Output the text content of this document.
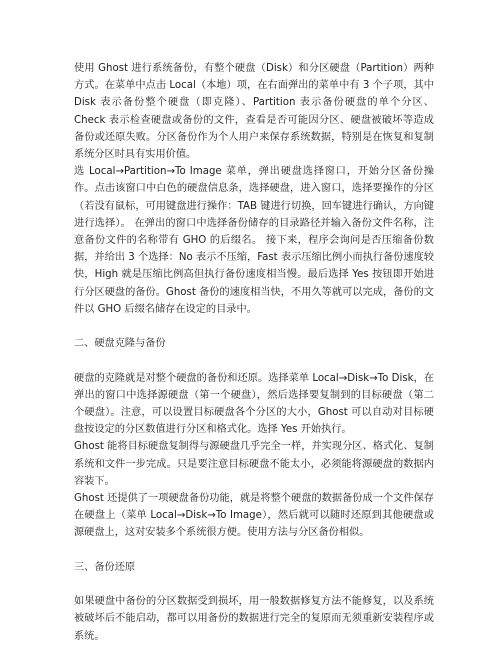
使用 Ghost 进行系统备份，有整个硬盘（Disk）和分区硬盘（Partition）两种方式。在菜单中点击 Local（本地）项，在右面弹出的菜单中有 3 个子项，其中 Disk 表示备份整个硬盘（即克隆）、Partition 表示备份硬盘的单个分区、Check 表示检查硬盘或备份的文件，查看是否可能因分区、硬盘被破坏等造成备份或还原失败。分区备份作为个人用户来保存系统数据，特别是在恢复和复制系统分区时具有实用价值。

选 Local→Partition→To Image 菜单，弹出硬盘选择窗口，开始分区备份操作。点击该窗口中白色的硬盘信息条，选择硬盘，进入窗口，选择要操作的分区（若没有鼠标，可用键盘进行操作：TAB 键进行切换，回车键进行确认，方向键进行选择）。 在弹出的窗口中选择备份储存的目录路径并输入备份文件名称，注意备份文件的名称带有 GHO 的后缀名。 接下来，程序会询问是否压缩备份数据，并给出 3 个选择：No 表示不压缩，Fast 表示压缩比例小而执行备份速度较快，High 就是压缩比例高但执行备份速度相当慢。最后选择 Yes 按钮即开始进行分区硬盘的备份。Ghost 备份的速度相当快，不用久等就可以完成，备份的文件以 GHO 后缀名储存在设定的目录中。

二、硬盘克隆与备份

硬盘的克隆就是对整个硬盘的备份和还原。选择菜单 Local→Disk→To Disk，在弹出的窗口中选择源硬盘（第一个硬盘），然后选择要复制到的目标硬盘（第二个硬盘）。注意，可以设置目标硬盘各个分区的大小，Ghost 可以自动对目标硬盘按设定的分区数值进行分区和格式化。选择 Yes 开始执行。

Ghost 能将目标硬盘复制得与源硬盘几乎完全一样，并实现分区、格式化、复制系统和文件一步完成。只是要注意目标硬盘不能太小，必须能将源硬盘的数据内容装下。

Ghost 还提供了一项硬盘备份功能，就是将整个硬盘的数据备份成一个文件保存在硬盘上（菜单 Local→Disk→To Image），然后就可以随时还原到其他硬盘或源硬盘上，这对安装多个系统很方便。使用方法与分区备份相似。

三、备份还原

如果硬盘中备份的分区数据受到损坏，用一般数据修复方法不能修复，以及系统被破坏后不能启动，都可以用备份的数据进行完全的复原而无须重新安装程序或系统。
